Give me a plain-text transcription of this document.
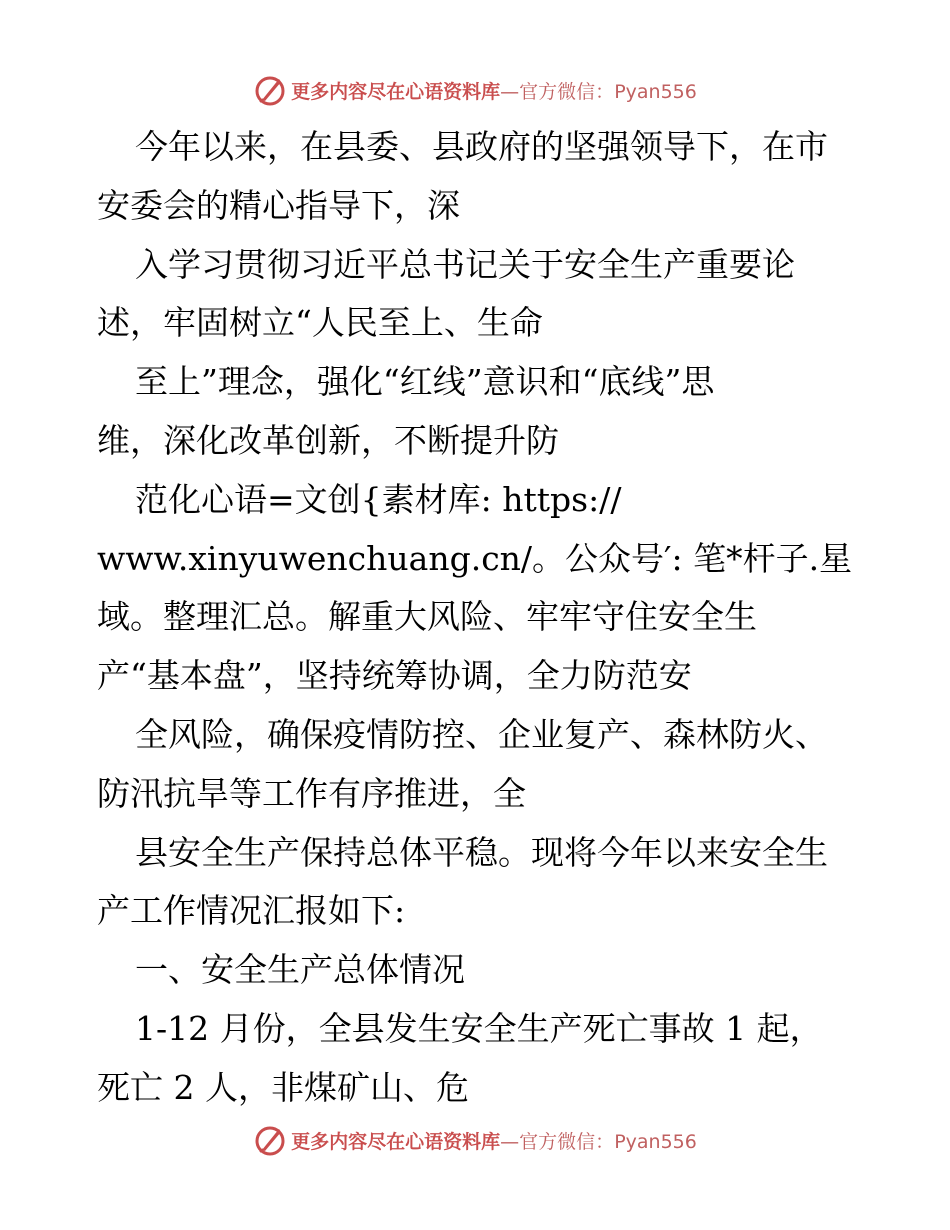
更多内容尽在心语资料库—官方微信：Pyan556
今年以来，在县委、县政府的坚强领导下，在市
安委会的精心指导下，深
入学习贯彻习近平总书记关于安全生产重要论
述，牢固树立“人民至上、生命
至上”理念，强化“红线”意识和“底线”思
维，深化改革创新，不断提升防
范化心语=文创{素材库: https://
www.xinyuwenchuang.cn/。公众号′: 笔*杆子.星
域。整理汇总。解重大风险、牢牢守住安全生
产“基本盘”，坚持统筹协调，全力防范安
全风险，确保疫情防控、企业复产、森林防火、
防汛抗旱等工作有序推进，全
县安全生产保持总体平稳。现将今年以来安全生
产工作情况汇报如下:
一、安全生产总体情况
1-12 月份，全县发生安全生产死亡事故 1 起，
死亡 2 人，非煤矿山、危
更多内容尽在心语资料库—官方微信：Pyan556
